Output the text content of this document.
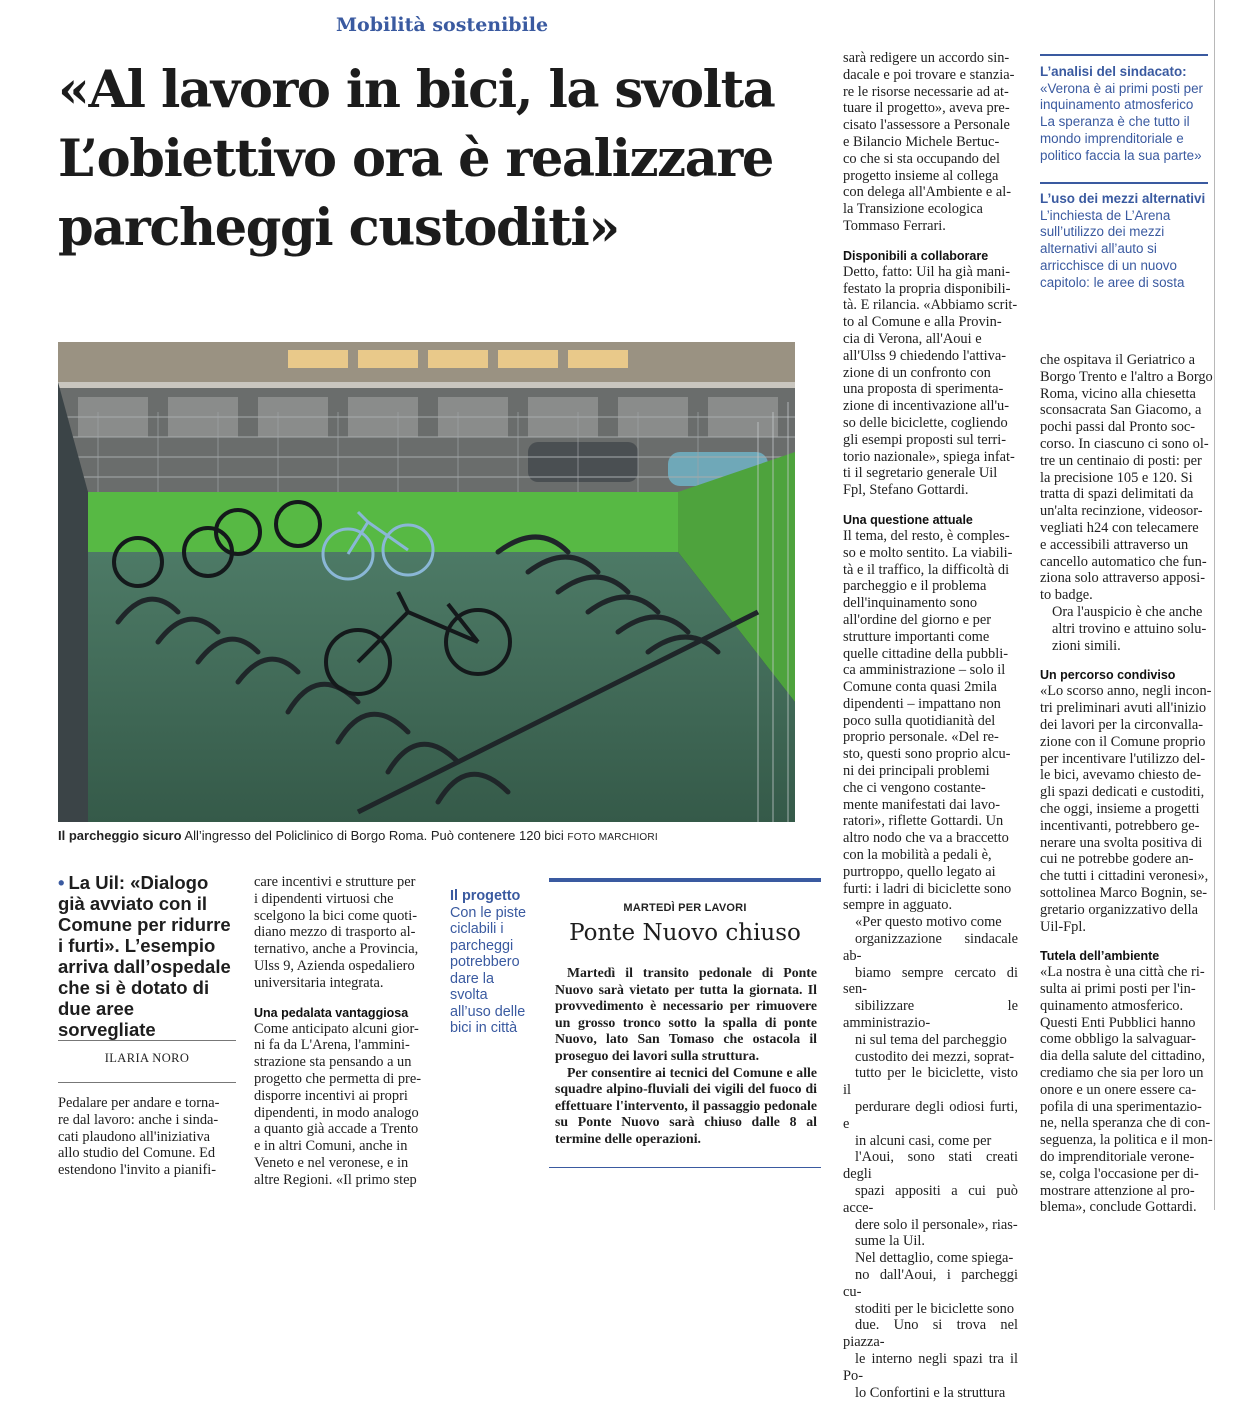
Mobilità sostenibile
«Al lavoro in bici, la svolta
L’obiettivo ora è realizzare
parcheggi custoditi»
Il parcheggio sicuro All’ingresso del Policlinico di Borgo Roma. Può contenere 120 bici FOTO MARCHIORI
• La Uil: «Dialogo già avviato con il Comune per ridurre i furti». L’esempio arriva dall’ospedale che si è dotato di due aree sorvegliate
ILARIA NORO

Pedalare per andare e torna-
re dal lavoro: anche i sinda-
cati plaudono all'iniziativa
allo studio del Comune. Ed
estendono l'invito a pianifi-

care incentivi e strutture per
i dipendenti virtuosi che
scelgono la bici come quoti-
diano mezzo di trasporto al-
ternativo, anche a Provincia,
Ulss 9, Azienda ospedaliero
universitaria integrata.

Una pedalata vantaggiosa

Come anticipato alcuni gior-
ni fa da L'Arena, l'ammini-
strazione sta pensando a un
progetto che permetta di pre-
disporre incentivi ai propri
dipendenti, in modo analogo
a quanto già accade a Trento
e in altri Comuni, anche in
Veneto e nel veronese, e in
altre Regioni. «Il primo step

Il progetto
Con le piste ciclabili i parcheggi potrebbero dare la svolta all’uso delle bici in città
MARTEDÌ PER LAVORI
Ponte Nuovo chiuso

Martedì il transito pedonale di Ponte Nuovo sarà vietato per tutta la giornata. Il provvedimento è necessario per rimuovere un grosso tronco sotto la spalla di ponte Nuovo, lato San Tomaso che ostacola il proseguo dei lavori sulla struttura.

Per consentire ai tecnici del Comune e alle squadre alpino-fluviali dei vigili del fuoco di effettuare l'intervento, il passaggio pedonale su Ponte Nuovo sarà chiuso dalle 8 al termine delle operazioni.

sarà redigere un accordo sin-
dacale e poi trovare e stanzia-
re le risorse necessarie ad at-
tuare il progetto», aveva pre-
cisato l'assessore a Personale
e Bilancio Michele Bertuc-
co che si sta occupando del
progetto insieme al collega
con delega all'Ambiente e al-
la Transizione ecologica
Tommaso Ferrari.

Disponibili a collaborare

Detto, fatto: Uil ha già mani-
festato la propria disponibili-
tà. E rilancia. «Abbiamo scrit-
to al Comune e alla Provin-
cia di Verona, all'Aoui e
all'Ulss 9 chiedendo l'attiva-
zione di un confronto con
una proposta di sperimenta-
zione di incentivazione all'u-
so delle biciclette, cogliendo
gli esempi proposti sul terri-
torio nazionale», spiega infat-
ti il segretario generale Uil
Fpl, Stefano Gottardi.

Una questione attuale

Il tema, del resto, è comples-
so e molto sentito. La viabili-
tà e il traffico, la difficoltà di
parcheggio e il problema
dell'inquinamento sono
all'ordine del giorno e per
strutture importanti come
quelle cittadine della pubbli-
ca amministrazione – solo il
Comune conta quasi 2mila
dipendenti – impattano non
poco sulla quotidianità del
proprio personale. «Del re-
sto, questi sono proprio alcu-
ni dei principali problemi
che ci vengono costante-
mente manifestati dai lavo-
ratori», riflette Gottardi. Un
altro nodo che va a braccetto
con la mobilità a pedali è,
purtroppo, quello legato ai
furti: i ladri di biciclette sono
sempre in agguato.

«Per questo motivo come
organizzazione sindacale ab-
biamo sempre cercato di sen-
sibilizzare le amministrazio-
ni sul tema del parcheggio
custodito dei mezzi, soprat-
tutto per le biciclette, visto il
perdurare degli odiosi furti, e
in alcuni casi, come per
l'Aoui, sono stati creati degli
spazi appositi a cui può acce-
dere solo il personale», rias-
sume la Uil.

Nel dettaglio, come spiega-
no dall'Aoui, i parcheggi cu-
stoditi per le biciclette sono
due. Uno si trova nel piazza-
le interno negli spazi tra il Po-
lo Confortini e la struttura

L’analisi del sindacato:
«Verona è ai primi posti per inquinamento atmosferico La speranza è che tutto il mondo imprenditoriale e politico faccia la sua parte»
L’uso dei mezzi alternativi
L’inchiesta de L’Arena sull’utilizzo dei mezzi alternativi all’auto si arricchisce di un nuovo capitolo: le aree di sosta

che ospitava il Geriatrico a
Borgo Trento e l'altro a Borgo
Roma, vicino alla chiesetta
sconsacrata San Giacomo, a
pochi passi dal Pronto soc-
corso. In ciascuno ci sono ol-
tre un centinaio di posti: per
la precisione 105 e 120. Si
tratta di spazi delimitati da
un'alta recinzione, videosor-
vegliati h24 con telecamere
e accessibili attraverso un
cancello automatico che fun-
ziona solo attraverso apposi-
to badge.

Ora l'auspicio è che anche
altri trovino e attuino solu-
zioni simili.

Un percorso condiviso

«Lo scorso anno, negli incon-
tri preliminari avuti all'inizio
dei lavori per la circonvalla-
zione con il Comune proprio
per incentivare l'utilizzo del-
le bici, avevamo chiesto de-
gli spazi dedicati e custoditi,
che oggi, insieme a progetti
incentivanti, potrebbero ge-
nerare una svolta positiva di
cui ne potrebbe godere an-
che tutti i cittadini veronesi»,
sottolinea Marco Bognin, se-
gretario organizzativo della
Uil-Fpl.

Tutela dell’ambiente

«La nostra è una città che ri-
sulta ai primi posti per l'in-
quinamento atmosferico.
Questi Enti Pubblici hanno
come obbligo la salvaguar-
dia della salute del cittadino,
crediamo che sia per loro un
onore e un onere essere ca-
pofila di una sperimentazio-
ne, nella speranza che di con-
seguenza, la politica e il mon-
do imprenditoriale verone-
se, colga l'occasione per di-
mostrare attenzione al pro-
blema», conclude Gottardi.
